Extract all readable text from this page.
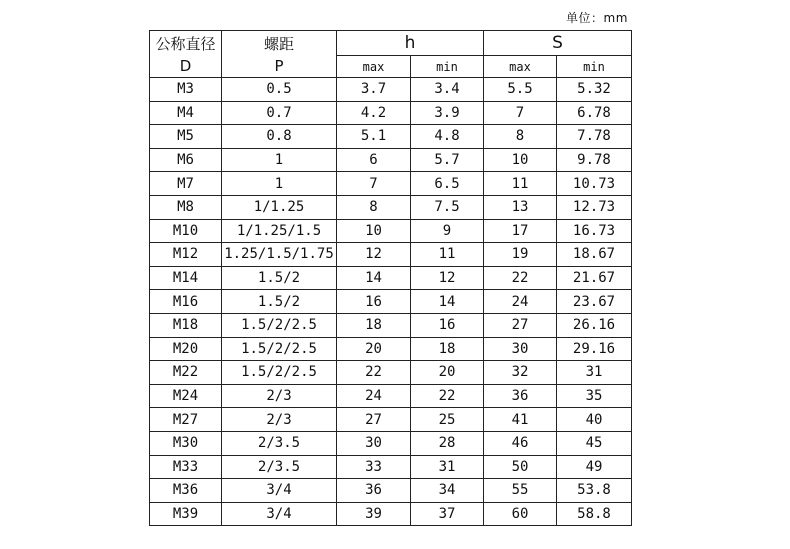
单位：mm
公称直径	螺距	h		S	
D	P	max	min	max	min
M3	0.5	3.7	3.4	5.5	5.32
M4	0.7	4.2	3.9	7	6.78
M5	0.8	5.1	4.8	8	7.78
M6	1	6	5.7	10	9.78
M7	1	7	6.5	11	10.73
M8	1/1.25	8	7.5	13	12.73
M10	1/1.25/1.5	10	9	17	16.73
M12	1.25/1.5/1.75	12	11	19	18.67
M14	1.5/2	14	12	22	21.67
M16	1.5/2	16	14	24	23.67
M18	1.5/2/2.5	18	16	27	26.16
M20	1.5/2/2.5	20	18	30	29.16
M22	1.5/2/2.5	22	20	32	31
M24	2/3	24	22	36	35
M27	2/3	27	25	41	40
M30	2/3.5	30	28	46	45
M33	2/3.5	33	31	50	49
M36	3/4	36	34	55	53.8
M39	3/4	39	37	60	58.8
